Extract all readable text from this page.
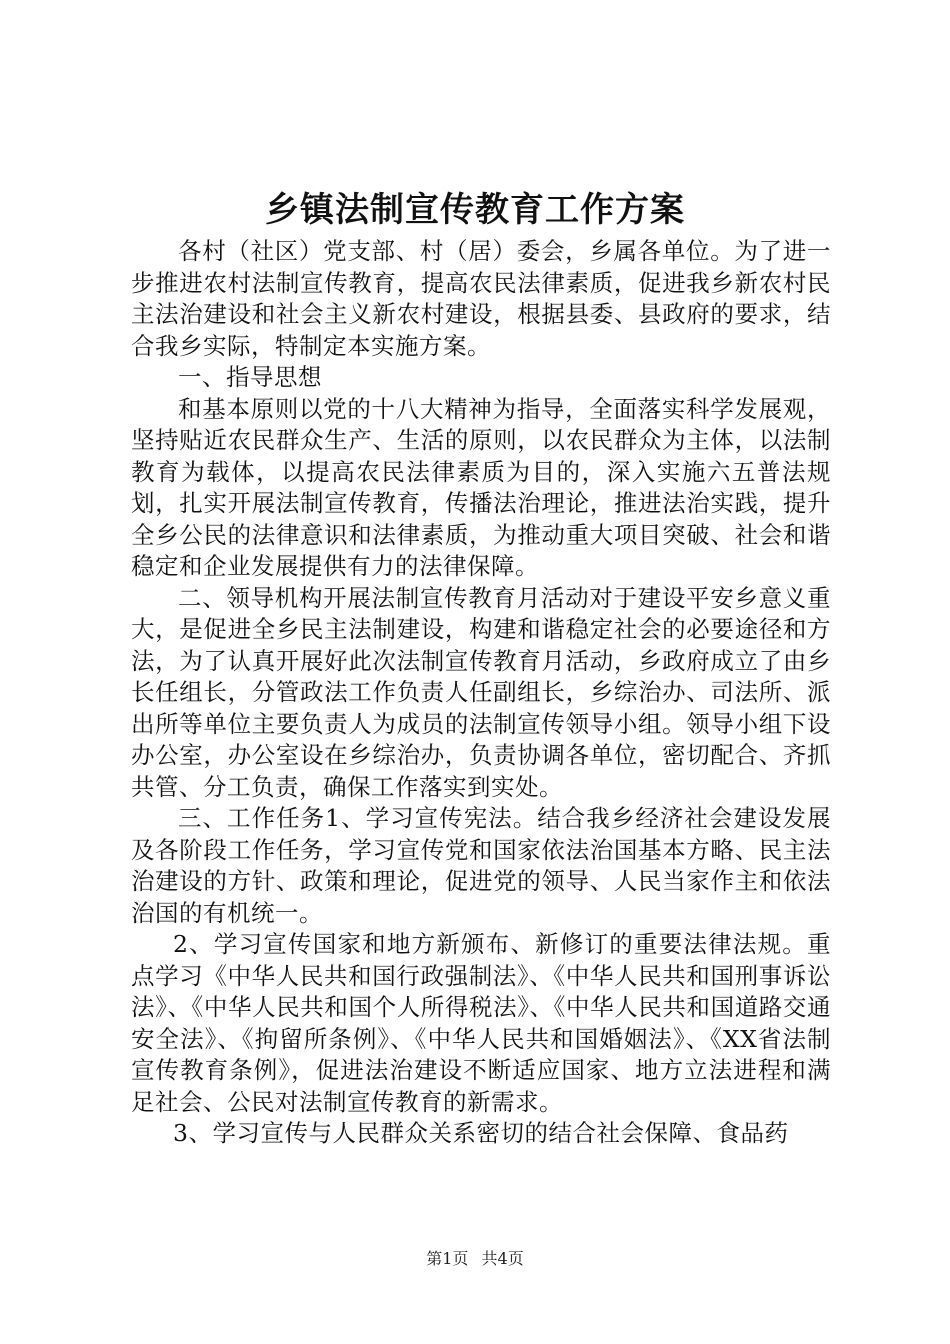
乡镇法制宣传教育工作方案

各村（社区）党支部、村（居）委会，乡属各单位。为了进一步推进农村法制宣传教育，提高农民法律素质，促进我乡新农村民主法治建设和社会主义新农村建设，根据县委、县政府的要求，结合我乡实际，特制定本实施方案。

一、指导思想

和基本原则以党的十八大精神为指导，全面落实科学发展观，坚持贴近农民群众生产、生活的原则，以农民群众为主体，以法制教育为载体，以提高农民法律素质为目的，深入实施六五普法规划，扎实开展法制宣传教育，传播法治理论，推进法治实践，提升全乡公民的法律意识和法律素质，为推动重大项目突破、社会和谐稳定和企业发展提供有力的法律保障。

二、领导机构开展法制宣传教育月活动对于建设平安乡意义重大，是促进全乡民主法制建设，构建和谐稳定社会的必要途径和方法，为了认真开展好此次法制宣传教育月活动，乡政府成立了由乡长任组长，分管政法工作负责人任副组长，乡综治办、司法所、派出所等单位主要负责人为成员的法制宣传领导小组。领导小组下设办公室，办公室设在乡综治办，负责协调各单位，密切配合、齐抓共管、分工负责，确保工作落实到实处。

三、工作任务1、学习宣传宪法。结合我乡经济社会建设发展及各阶段工作任务，学习宣传党和国家依法治国基本方略、民主法治建设的方针、政策和理论，促进党的领导、人民当家作主和依法治国的有机统一。

2、学习宣传国家和地方新颁布、新修订的重要法律法规。重点学习《中华人民共和国行政强制法》、《中华人民共和国刑事诉讼法》、《中华人民共和国个人所得税法》、《中华人民共和国道路交通安全法》、《拘留所条例》、《中华人民共和国婚姻法》、《XX省法制宣传教育条例》，促进法治建设不断适应国家、地方立法进程和满足社会、公民对法制宣传教育的新需求。

3、学习宣传与人民群众关系密切的结合社会保障、食品药

第1页 共4页
